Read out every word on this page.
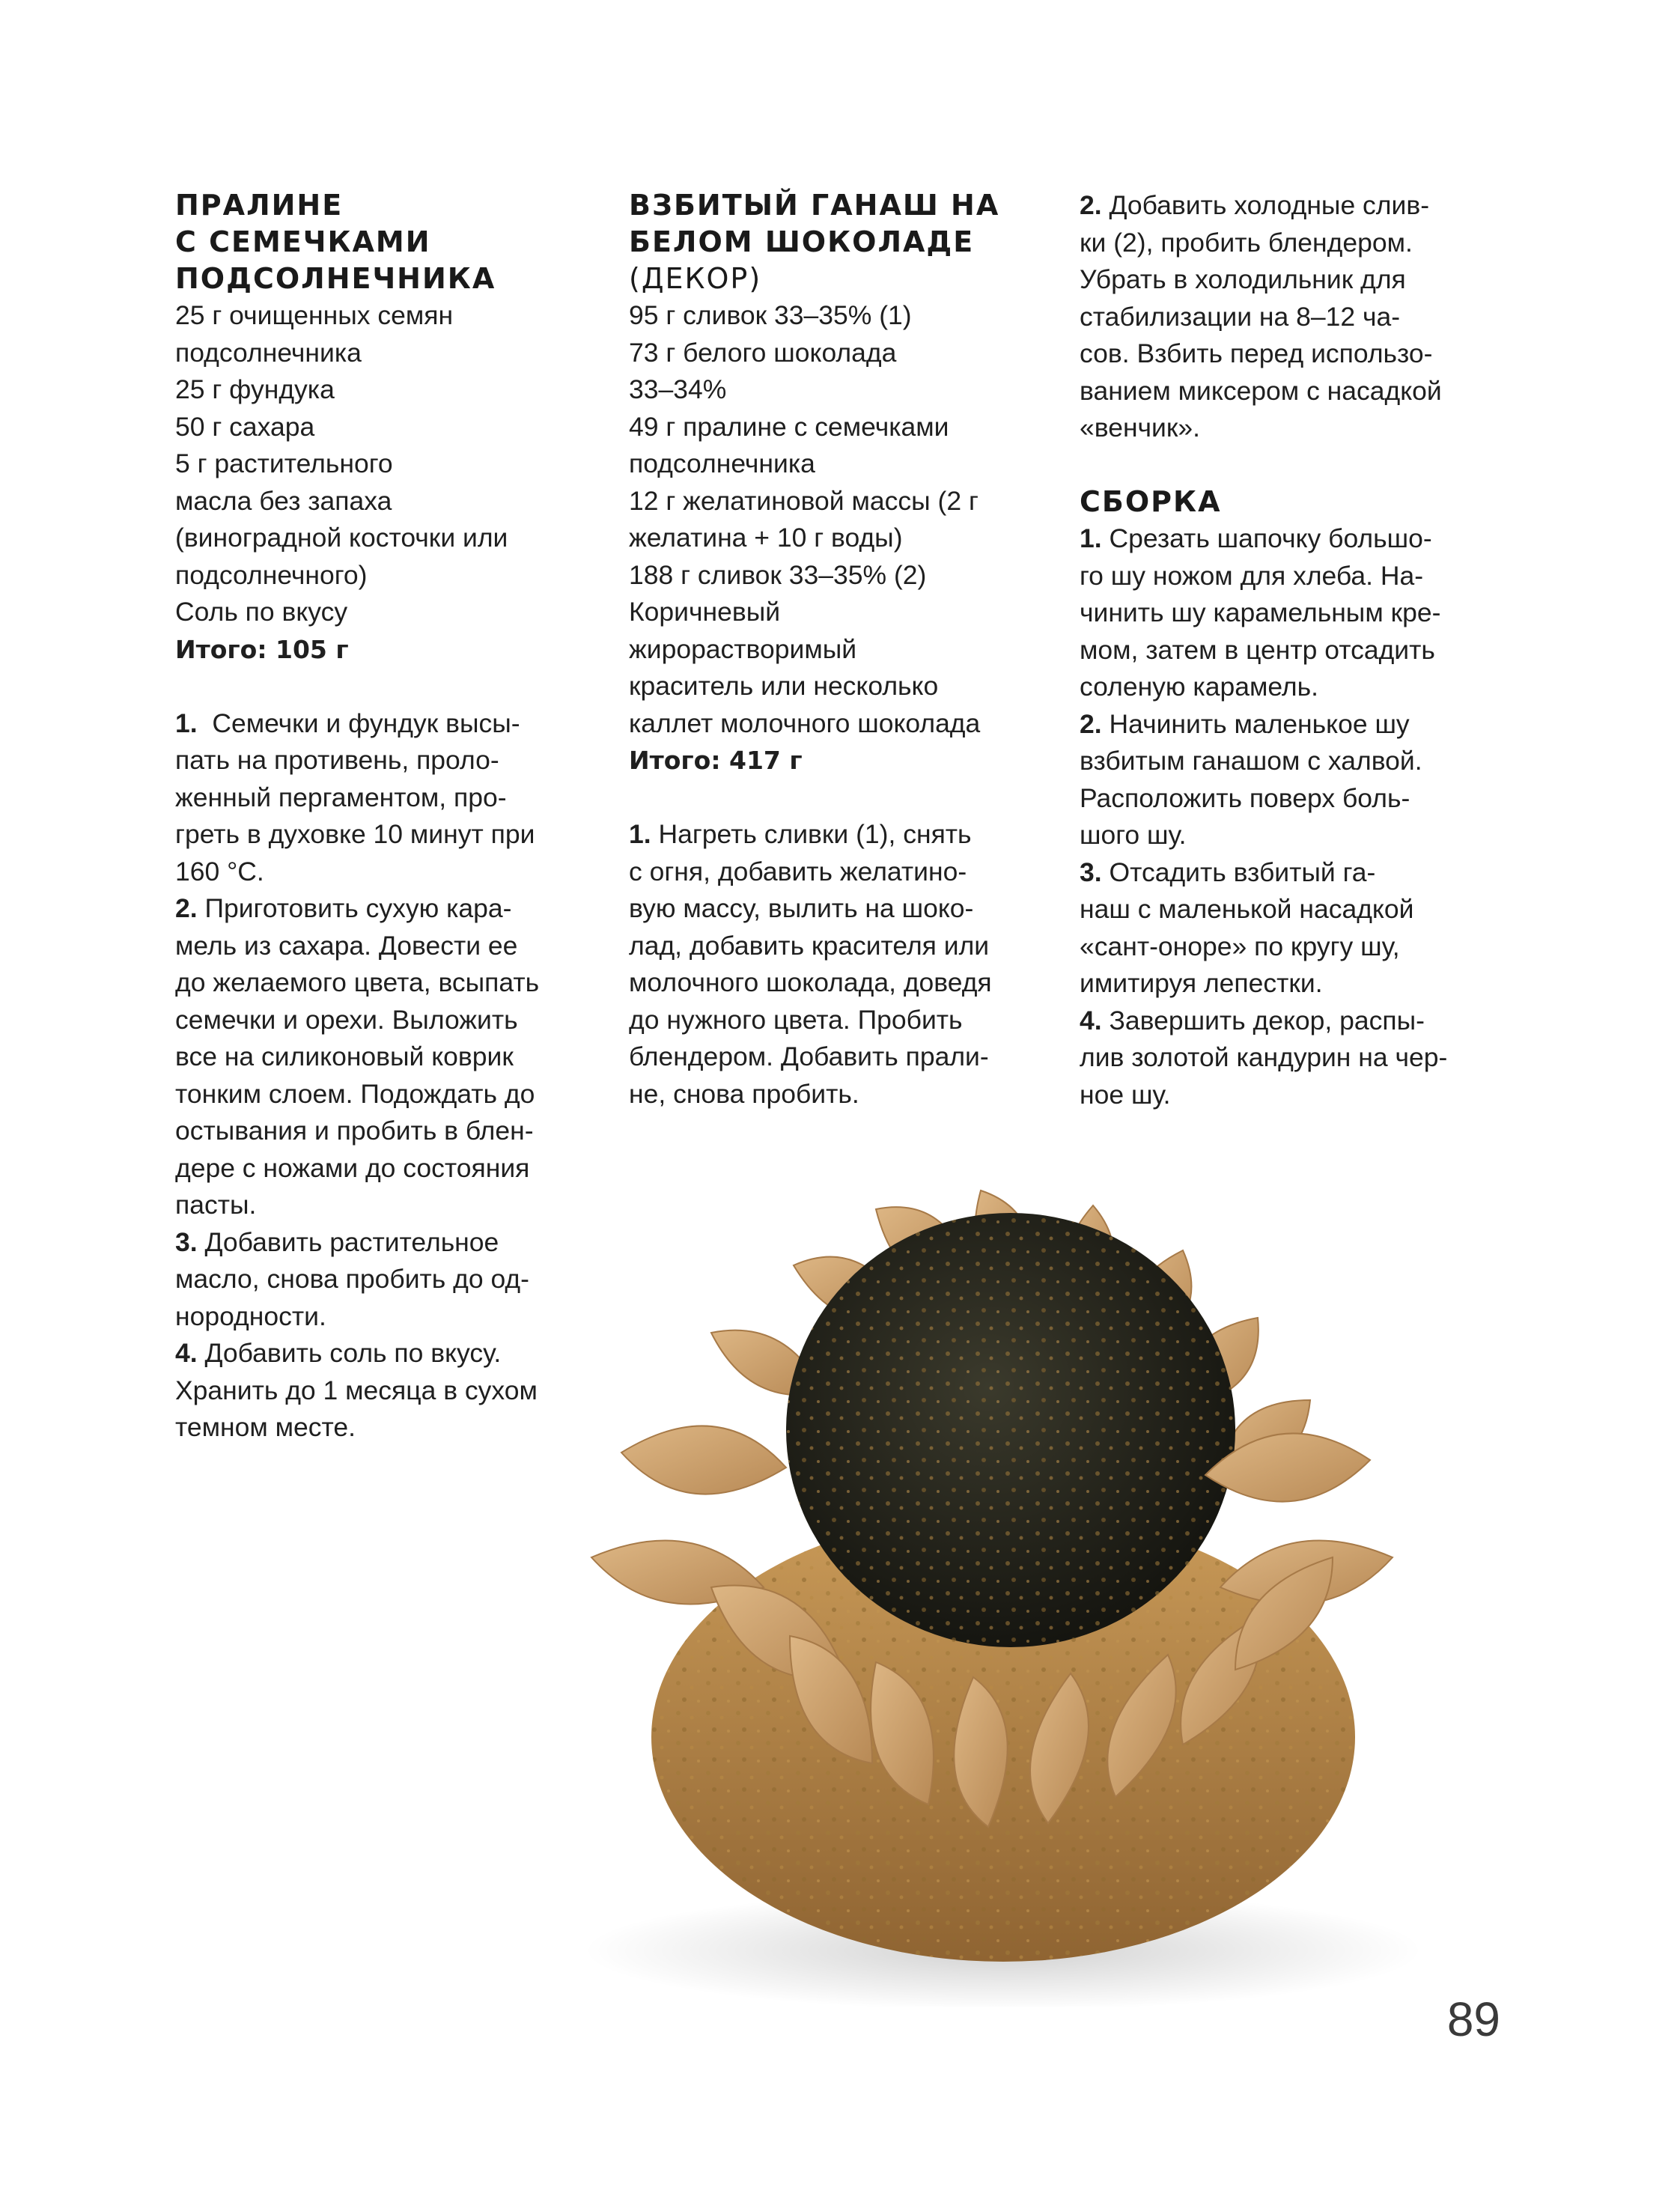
ПРАЛИНЕ
С СЕМЕЧКАМИ
ПОДСОЛНЕЧНИКА
25 г очищенных семян
подсолнечника
25 г фундука
50 г сахара
5 г растительного
масла без запаха
(виноградной косточки или
подсолнечного)
Соль по вкусу
Итого: 105 г
1.  Семечки и фундук высы-
пать на противень, проло-
женный пергаментом, про-
греть в духовке 10 минут при
160 °С.
2. Приготовить сухую кара-
мель из сахара. Довести ее
до желаемого цвета, всыпать
семечки и орехи. Выложить
все на силиконовый коврик
тонким слоем. Подождать до
остывания и пробить в блен-
дере с ножами до состояния
пасты.
3. Добавить растительное
масло, снова пробить до од-
нородности.
4. Добавить соль по вкусу.
Хранить до 1 месяца в сухом
темном месте.
ВЗБИТЫЙ ГАНАШ НА
БЕЛОМ ШОКОЛАДЕ
(ДЕКОР)
95 г сливок 33–35% (1)
73 г белого шоколада
33–34%
49 г пралине с семечками
подсолнечника
12 г желатиновой массы (2 г
желатина + 10 г воды)
188 г сливок 33–35% (2)
Коричневый
жирорастворимый
краситель или несколько
каллет молочного шоколада
Итого: 417 г
1. Нагреть сливки (1), снять
с огня, добавить желатино-
вую массу, вылить на шоко-
лад, добавить красителя или
молочного шоколада, доведя
до нужного цвета. Пробить
блендером. Добавить прали-
не, снова пробить.
2. Добавить холодные слив-
ки (2), пробить блендером.
Убрать в холодильник для
стабилизации на 8–12 ча-
сов. Взбить перед использо-
ванием миксером с насадкой
«венчик».
СБОРКА
1. Срезать шапочку большо-
го шу ножом для хлеба. На-
чинить шу карамельным кре-
мом, затем в центр отсадить
соленую карамель.
2. Начинить маленькое шу
взбитым ганашом с халвой.
Расположить поверх боль-
шого шу.
3. Отсадить взбитый га-
наш с маленькой насадкой
«сант-оноре» по кругу шу,
имитируя лепестки.
4. Завершить декор, распы-
лив золотой кандурин на чер-
ное шу.
89
